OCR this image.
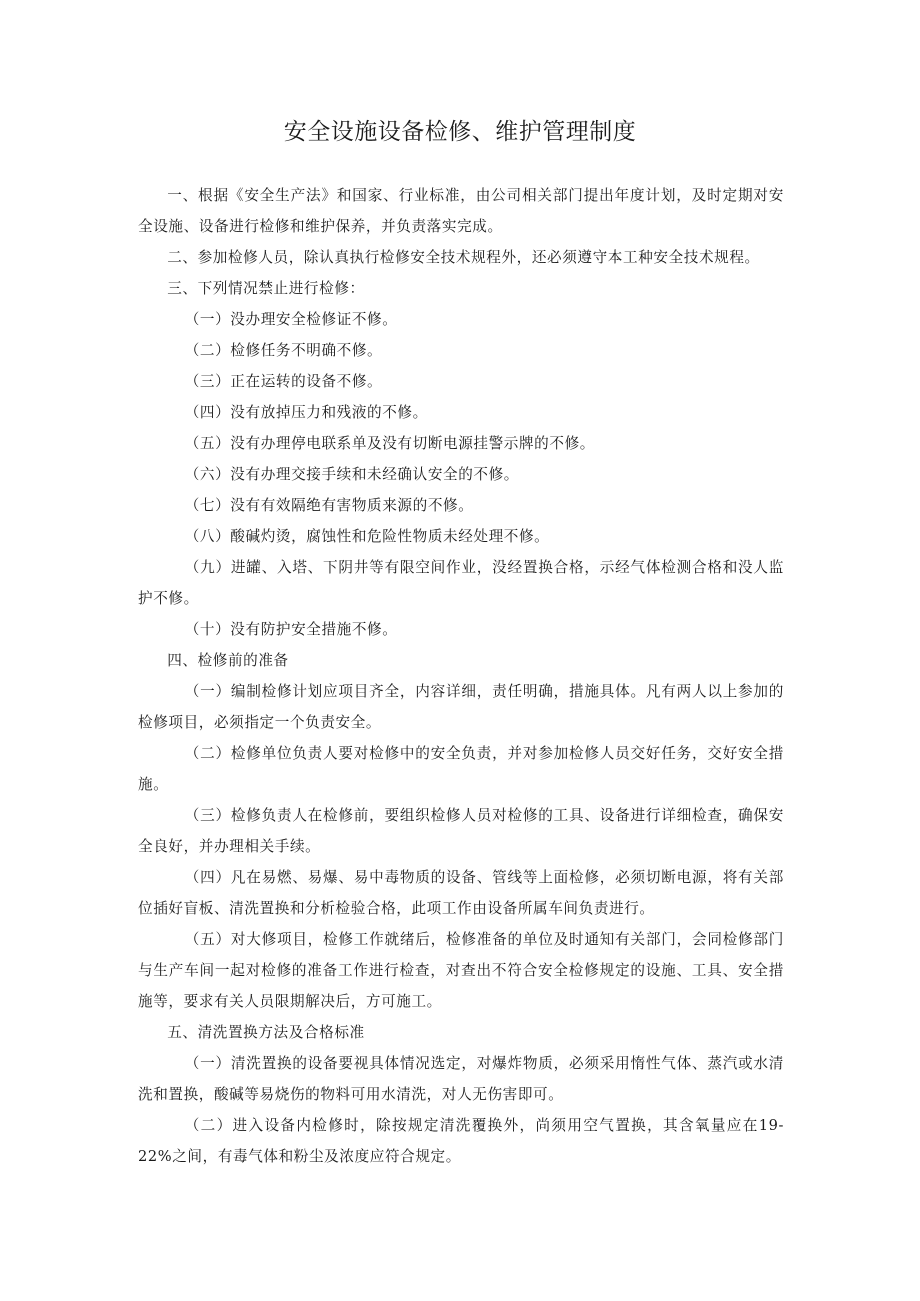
安全设施设备检修、维护管理制度

一、根据《安全生产法》和国家、行业标准，由公司相关部门提出年度计划，及时定期对安全设施、设备进行检修和维护保养，并负责落实完成。

二、参加检修人员，除认真执行检修安全技术规程外，还必须遵守本工种安全技术规程。

三、下列情况禁止进行检修：

（一）没办理安全检修证不修。

（二）检修任务不明确不修。

（三）正在运转的设备不修。

（四）没有放掉压力和残液的不修。

（五）没有办理停电联系单及没有切断电源挂警示牌的不修。

（六）没有办理交接手续和未经确认安全的不修。

（七）没有有效隔绝有害物质来源的不修。

（八）酸碱灼烫，腐蚀性和危险性物质未经处理不修。

（九）进罐、入塔、下阴井等有限空间作业，没经置换合格，示经气体检测合格和没人监护不修。

（十）没有防护安全措施不修。

四、检修前的准备

（一）编制检修计划应项目齐全，内容详细，责任明确，措施具体。凡有两人以上参加的检修项目，必须指定一个负责安全。

（二）检修单位负责人要对检修中的安全负责，并对参加检修人员交好任务，交好安全措施。

（三）检修负责人在检修前，要组织检修人员对检修的工具、设备进行详细检查，确保安全良好，并办理相关手续。

（四）凡在易燃、易爆、易中毒物质的设备、管线等上面检修，必须切断电源，将有关部位插好盲板、清洗置换和分析检验合格，此项工作由设备所属车间负责进行。

（五）对大修项目，检修工作就绪后，检修准备的单位及时通知有关部门，会同检修部门与生产车间一起对检修的准备工作进行检查，对查出不符合安全检修规定的设施、工具、安全措施等，要求有关人员限期解决后，方可施工。

五、清洗置换方法及合格标准

（一）清洗置换的设备要视具体情况选定，对爆炸物质，必须采用惰性气体、蒸汽或水清洗和置换，酸碱等易烧伤的物料可用水清洗，对人无伤害即可。

（二）进入设备内检修时，除按规定清洗覆换外，尚须用空气置换，其含氧量应在19-22%之间，有毒气体和粉尘及浓度应符合规定。
